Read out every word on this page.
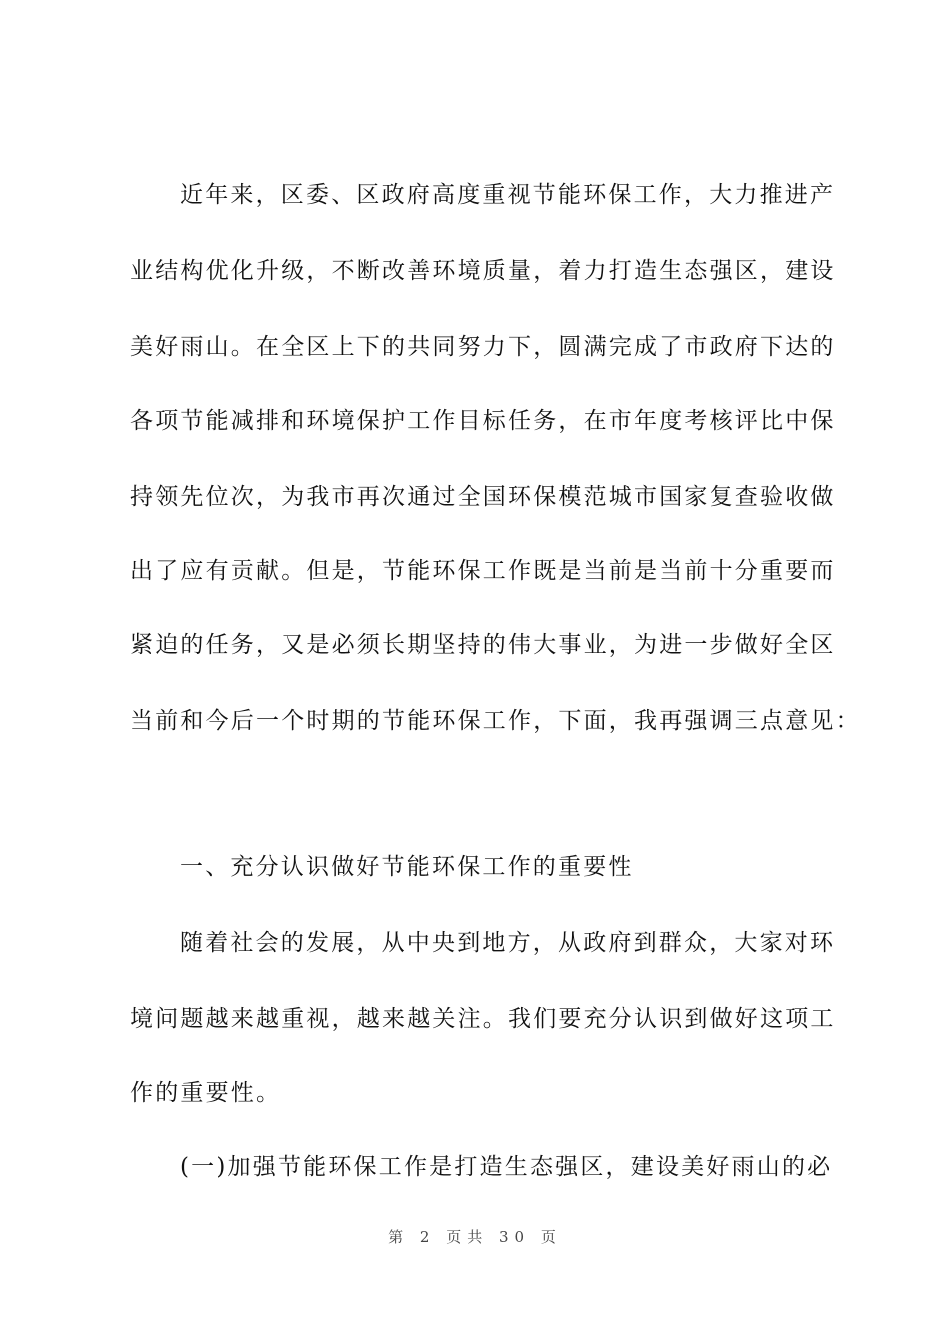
近年来，区委、区政府高度重视节能环保工作，大力推进产
业结构优化升级，不断改善环境质量，着力打造生态强区，建设
美好雨山。在全区上下的共同努力下，圆满完成了市政府下达的
各项节能减排和环境保护工作目标任务，在市年度考核评比中保
持领先位次，为我市再次通过全国环保模范城市国家复查验收做
出了应有贡献。但是，节能环保工作既是当前是当前十分重要而
紧迫的任务，又是必须长期坚持的伟大事业，为进一步做好全区
当前和今后一个时期的节能环保工作，下面，我再强调三点意见：
一、充分认识做好节能环保工作的重要性
随着社会的发展，从中央到地方，从政府到群众，大家对环
境问题越来越重视，越来越关注。我们要充分认识到做好这项工
作的重要性。
(一)加强节能环保工作是打造生态强区，建设美好雨山的必
第 2 页共 30 页
